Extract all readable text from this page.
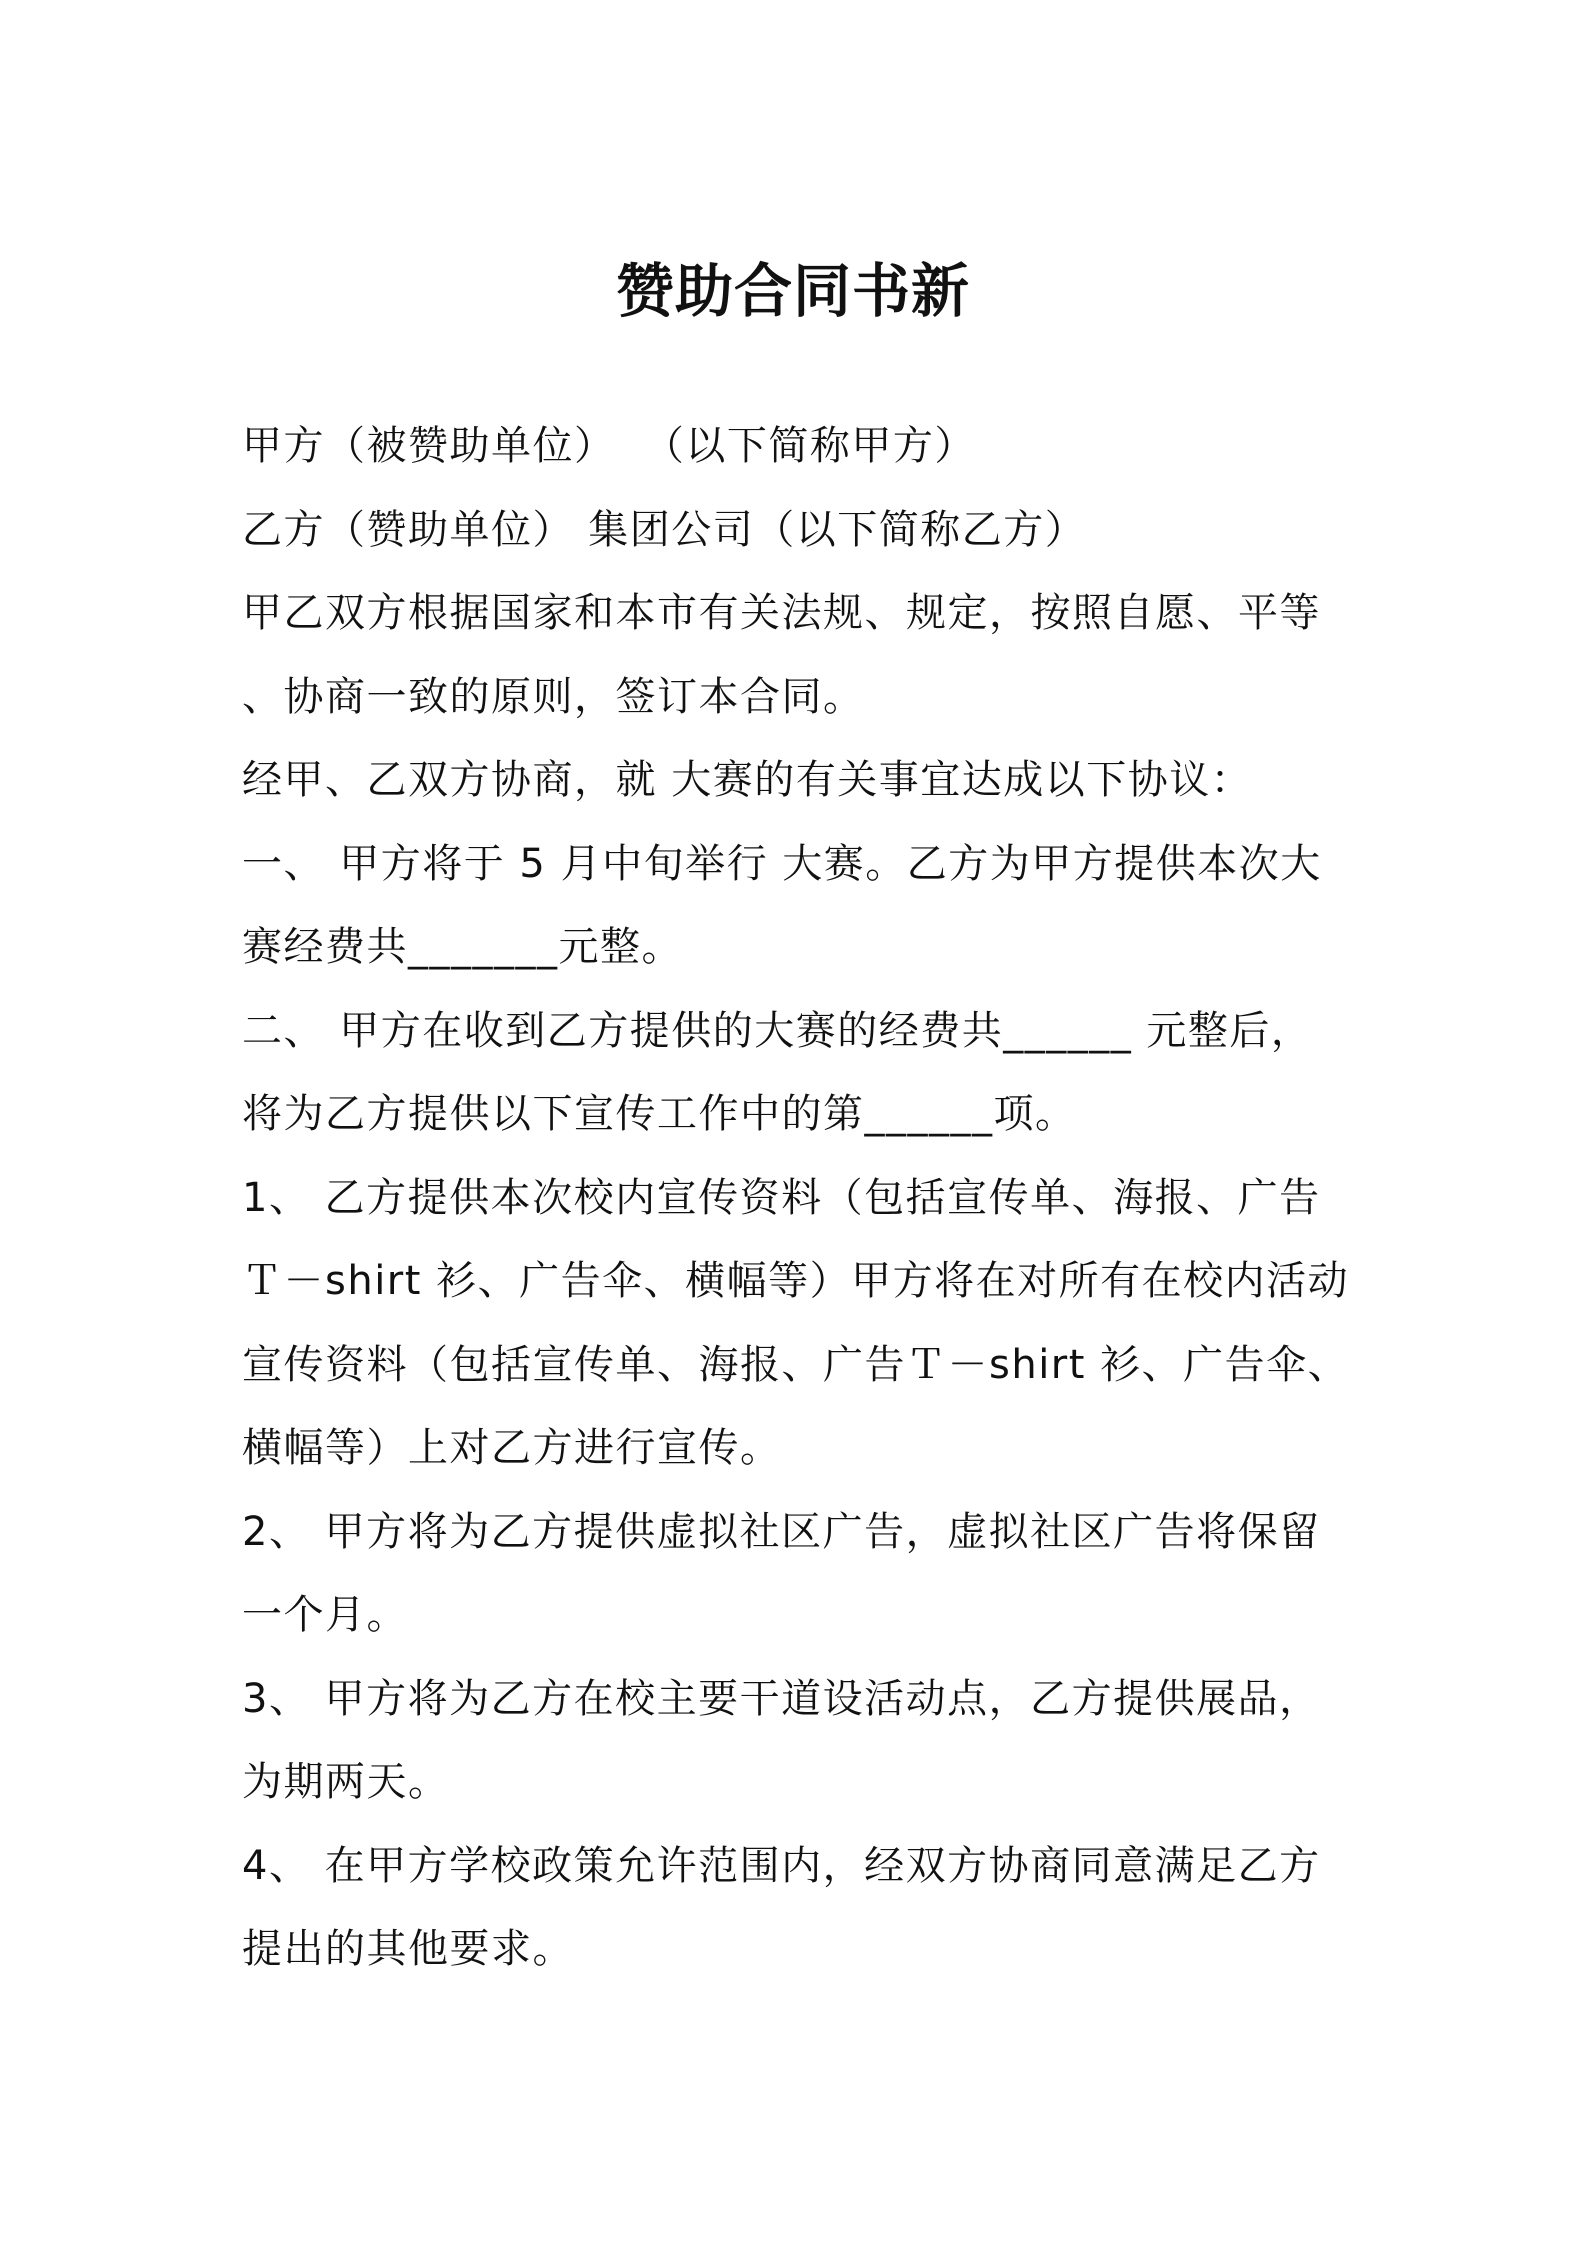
赞助合同书新
甲方（被赞助单位）  （以下简称甲方）
乙方（赞助单位） 集团公司（以下简称乙方）
甲乙双方根据国家和本市有关法规、规定，按照自愿、平等
、协商一致的原则，签订本合同。
经甲、乙双方协商，就 大赛的有关事宜达成以下协议：
一、 甲方将于 5 月中旬举行 大赛。乙方为甲方提供本次大
赛经费共_______元整。
二、 甲方在收到乙方提供的大赛的经费共______ 元整后，
将为乙方提供以下宣传工作中的第______项。
1、 乙方提供本次校内宣传资料（包括宣传单、海报、广告
Ｔ－shirt 衫、广告伞、横幅等）甲方将在对所有在校内活动
宣传资料（包括宣传单、海报、广告Ｔ－shirt 衫、广告伞、
横幅等）上对乙方进行宣传。
2、 甲方将为乙方提供虚拟社区广告，虚拟社区广告将保留
一个月。
3、 甲方将为乙方在校主要干道设活动点，乙方提供展品，
为期两天。
4、 在甲方学校政策允许范围内，经双方协商同意满足乙方
提出的其他要求。
